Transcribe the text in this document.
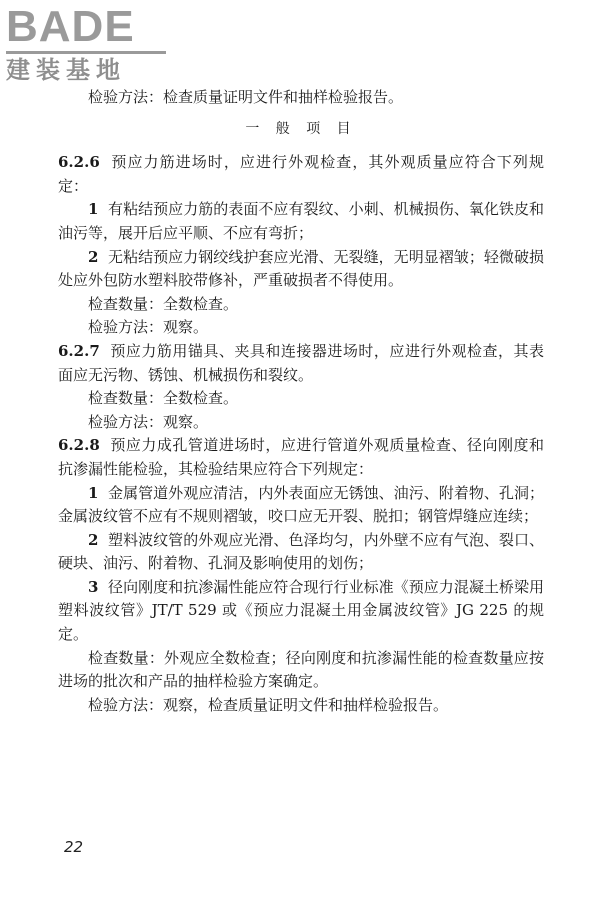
BADE
建装基地

检验方法：检查质量证明文件和抽样检验报告。

一 般 项 目

6.2.6 预应力筋进场时，应进行外观检查，其外观质量应符合下列规定：

1 有粘结预应力筋的表面不应有裂纹、小刺、机械损伤、氧化铁皮和油污等，展开后应平顺、不应有弯折；

2 无粘结预应力钢绞线护套应光滑、无裂缝，无明显褶皱；轻微破损处应外包防水塑料胶带修补，严重破损者不得使用。

检查数量：全数检查。

检验方法：观察。

6.2.7 预应力筋用锚具、夹具和连接器进场时，应进行外观检查，其表面应无污物、锈蚀、机械损伤和裂纹。

检查数量：全数检查。

检验方法：观察。

6.2.8 预应力成孔管道进场时，应进行管道外观质量检查、径向刚度和抗渗漏性能检验，其检验结果应符合下列规定：

1 金属管道外观应清洁，内外表面应无锈蚀、油污、附着物、孔洞；金属波纹管不应有不规则褶皱，咬口应无开裂、脱扣；钢管焊缝应连续；

2 塑料波纹管的外观应光滑、色泽均匀，内外壁不应有气泡、裂口、硬块、油污、附着物、孔洞及影响使用的划伤；

3 径向刚度和抗渗漏性能应符合现行行业标准《预应力混凝土桥梁用塑料波纹管》JT/T 529 或《预应力混凝土用金属波纹管》JG 225 的规定。

检查数量：外观应全数检查；径向刚度和抗渗漏性能的检查数量应按进场的批次和产品的抽样检验方案确定。

检验方法：观察，检查质量证明文件和抽样检验报告。

22
